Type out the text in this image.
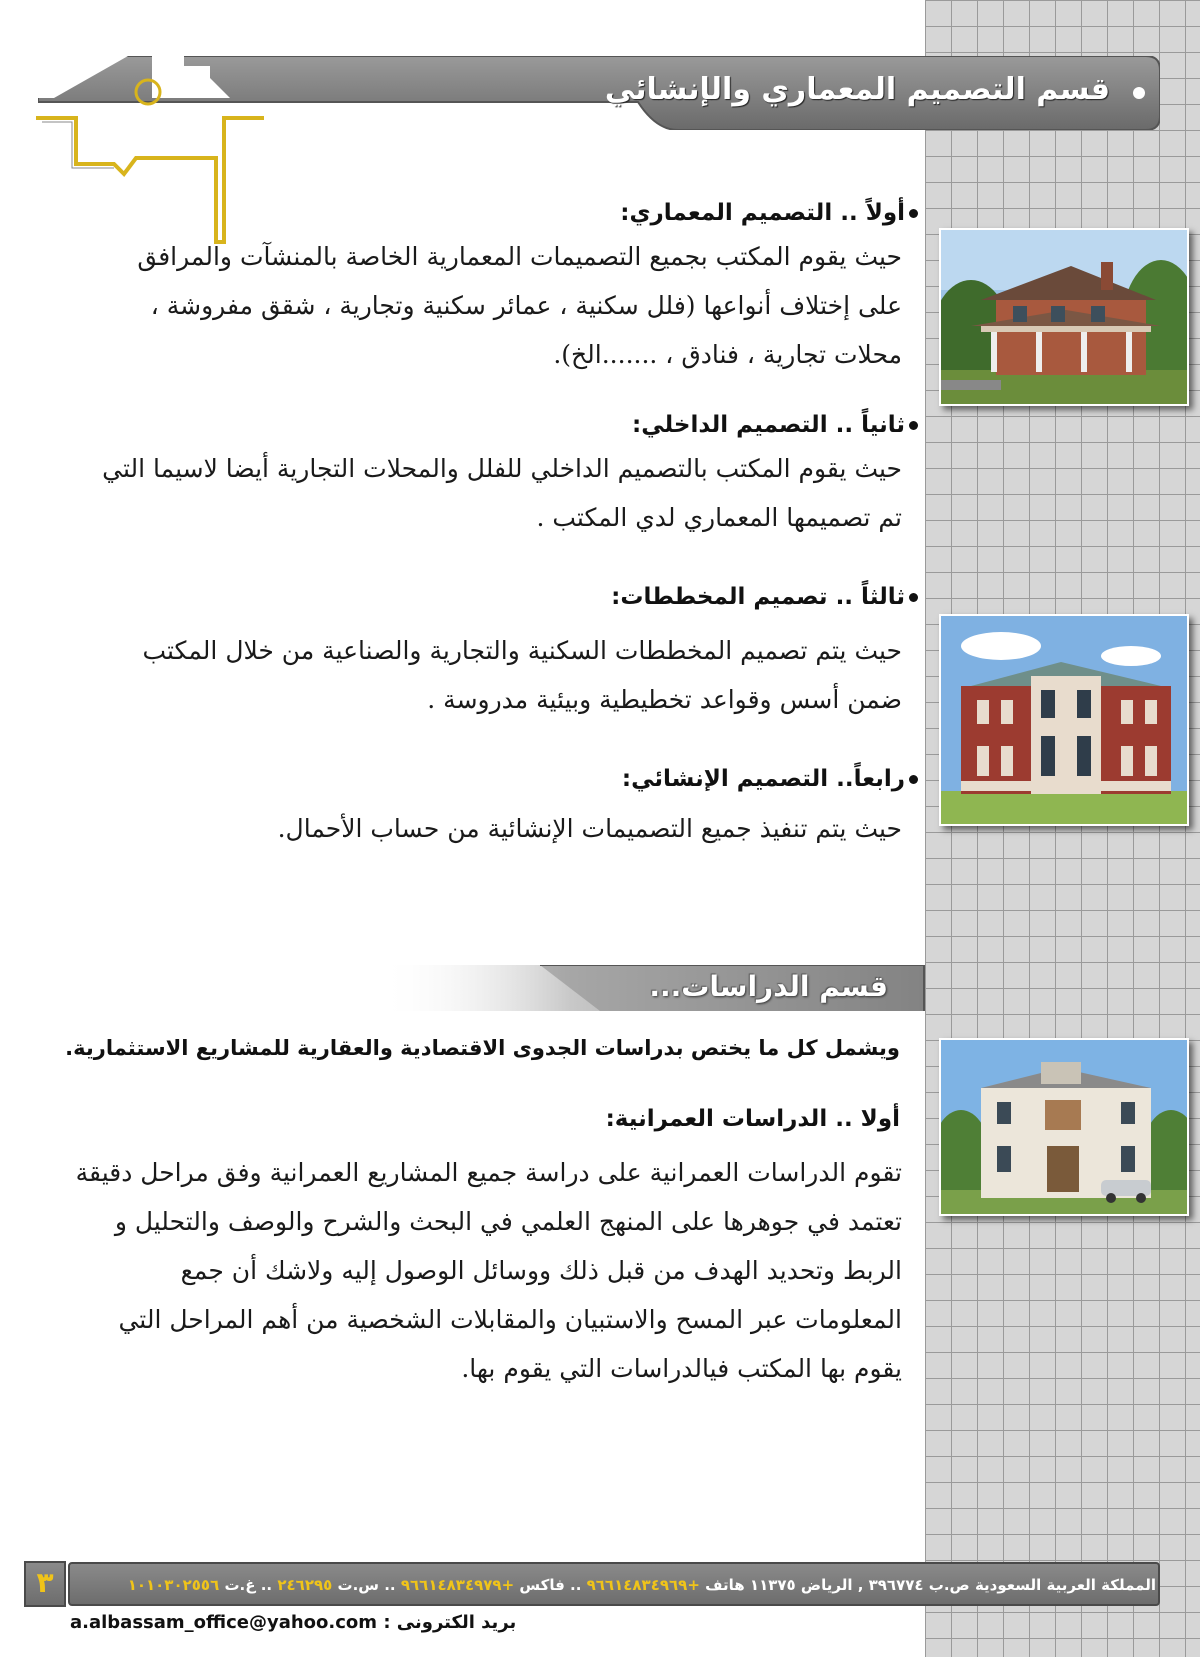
قسم التصميم المعماري والإنشائي
أولاً .. التصميم المعماري:
حيث يقوم المكتب بجميع التصميمات المعمارية الخاصة بالمنشآت والمرافق
على إختلاف أنواعها (فلل سكنية ، عمائر سكنية وتجارية ، شقق مفروشة ،
محلات تجارية ، فنادق ، .......الخ).
ثانياً .. التصميم الداخلي:
حيث يقوم المكتب بالتصميم الداخلي للفلل والمحلات التجارية أيضا لاسيما التي
تم تصميمها المعماري لدي المكتب .
ثالثاً .. تصميم المخططات:
حيث يتم تصميم المخططات السكنية والتجارية والصناعية من خلال المكتب
ضمن أسس وقواعد تخطيطية وبيئية مدروسة .
رابعاً.. التصميم الإنشائي:
حيث يتم تنفيذ جميع التصميمات الإنشائية من حساب الأحمال.
قسم الدراسات...
ويشمل كل ما يختص بدراسات الجدوى الاقتصادية والعقارية للمشاريع الاستثمارية.
أولا .. الدراسات العمرانية:
تقوم الدراسات العمرانية على دراسة جميع المشاريع العمرانية وفق مراحل دقيقة
تعتمد في جوهرها على المنهج العلمي في البحث والشرح والوصف والتحليل و
الربط وتحديد الهدف من قبل ذلك ووسائل الوصول إليه ولاشك أن جمع
المعلومات عبر المسح والاستبيان والمقابلات الشخصية من أهم المراحل التي
يقوم بها المكتب فيالدراسات التي يقوم بها.
٣	المملكة العربية السعودية ص.ب ٣٩٦٧٧٤ , الرياض ١١٣٧٥ هاتف +٩٦٦١٤٨٣٤٩٦٩ .. فاكس +٩٦٦١٤٨٣٤٩٧٩ .. س.ت ٢٤٦٢٩٥ .. غ.ت ١٠١٠٣٠٢٥٥٦
بريد الكترونى : a.albassam_office@yahoo.com
